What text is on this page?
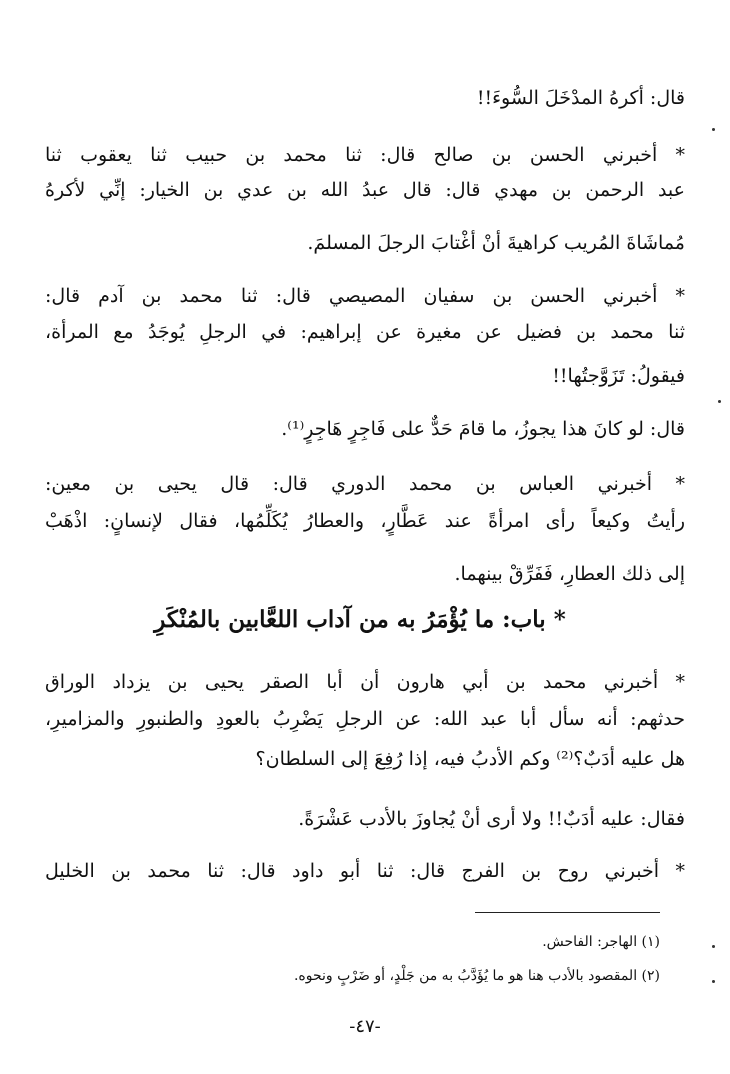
قال: أكرهُ المدْخَلَ السُّوءَ!!
* أخبرني الحسن بن صالح قال: ثنا محمد بن حبيب ثنا يعقوب ثنا
عبد الرحمن بن مهدي قال: قال عبدُ الله بن عدي بن الخيار: إنِّي لأكرهُ
مُماشَاةَ المُريب كراهيةَ أنْ أغْتابَ الرجلَ المسلمَ.
* أخبرني الحسن بن سفيان المصيصي قال: ثنا محمد بن آدم قال:
ثنا محمد بن فضيل عن مغيرة عن إبراهيم: في الرجلِ يُوجَدُ مع المرأة،
فيقولُ: تَزَوَّجتُها!!
قال: لو كانَ هذا يجوزُ، ما قامَ حَدٌّ على فَاجِرٍ هَاجِرٍ⁽¹⁾.
* أخبرني العباس بن محمد الدوري قال: قال يحيى بن معين:
رأيتُ وكيعاً رأى امرأةً عند عَطَّارٍ، والعطارُ يُكَلِّمُها، فقال لإنسانٍ: اذْهَبْ
إلى ذلك العطارِ، فَفَرِّقْ بينهما.
* باب: ما يُؤْمَرُ به من آداب اللعَّابين بالمُنْكَرِ
* أخبرني محمد بن أبي هارون أن أبا الصقر يحيى بن يزداد الوراق
حدثهم: أنه سأل أبا عبد الله: عن الرجلِ يَضْرِبُ بالعودِ والطنبورِ والمزاميرِ،
هل عليه أدَبٌ؟⁽²⁾ وكم الأدبُ فيه، إذا رُفِعَ إلى السلطان؟
فقال: عليه أدَبٌ!! ولا أرى أنْ يُجاوزَ بالأدب عَشْرَةً.
* أخبرني روح بن الفرج قال: ثنا أبو داود قال: ثنا محمد بن الخليل
(١) الهاجر: الفاحش.
(٢) المقصود بالأدب هنا هو ما يُؤَدَّبُ به من جَلْدٍ، أو ضَرْبٍ ونحوه.
-٤٧-
